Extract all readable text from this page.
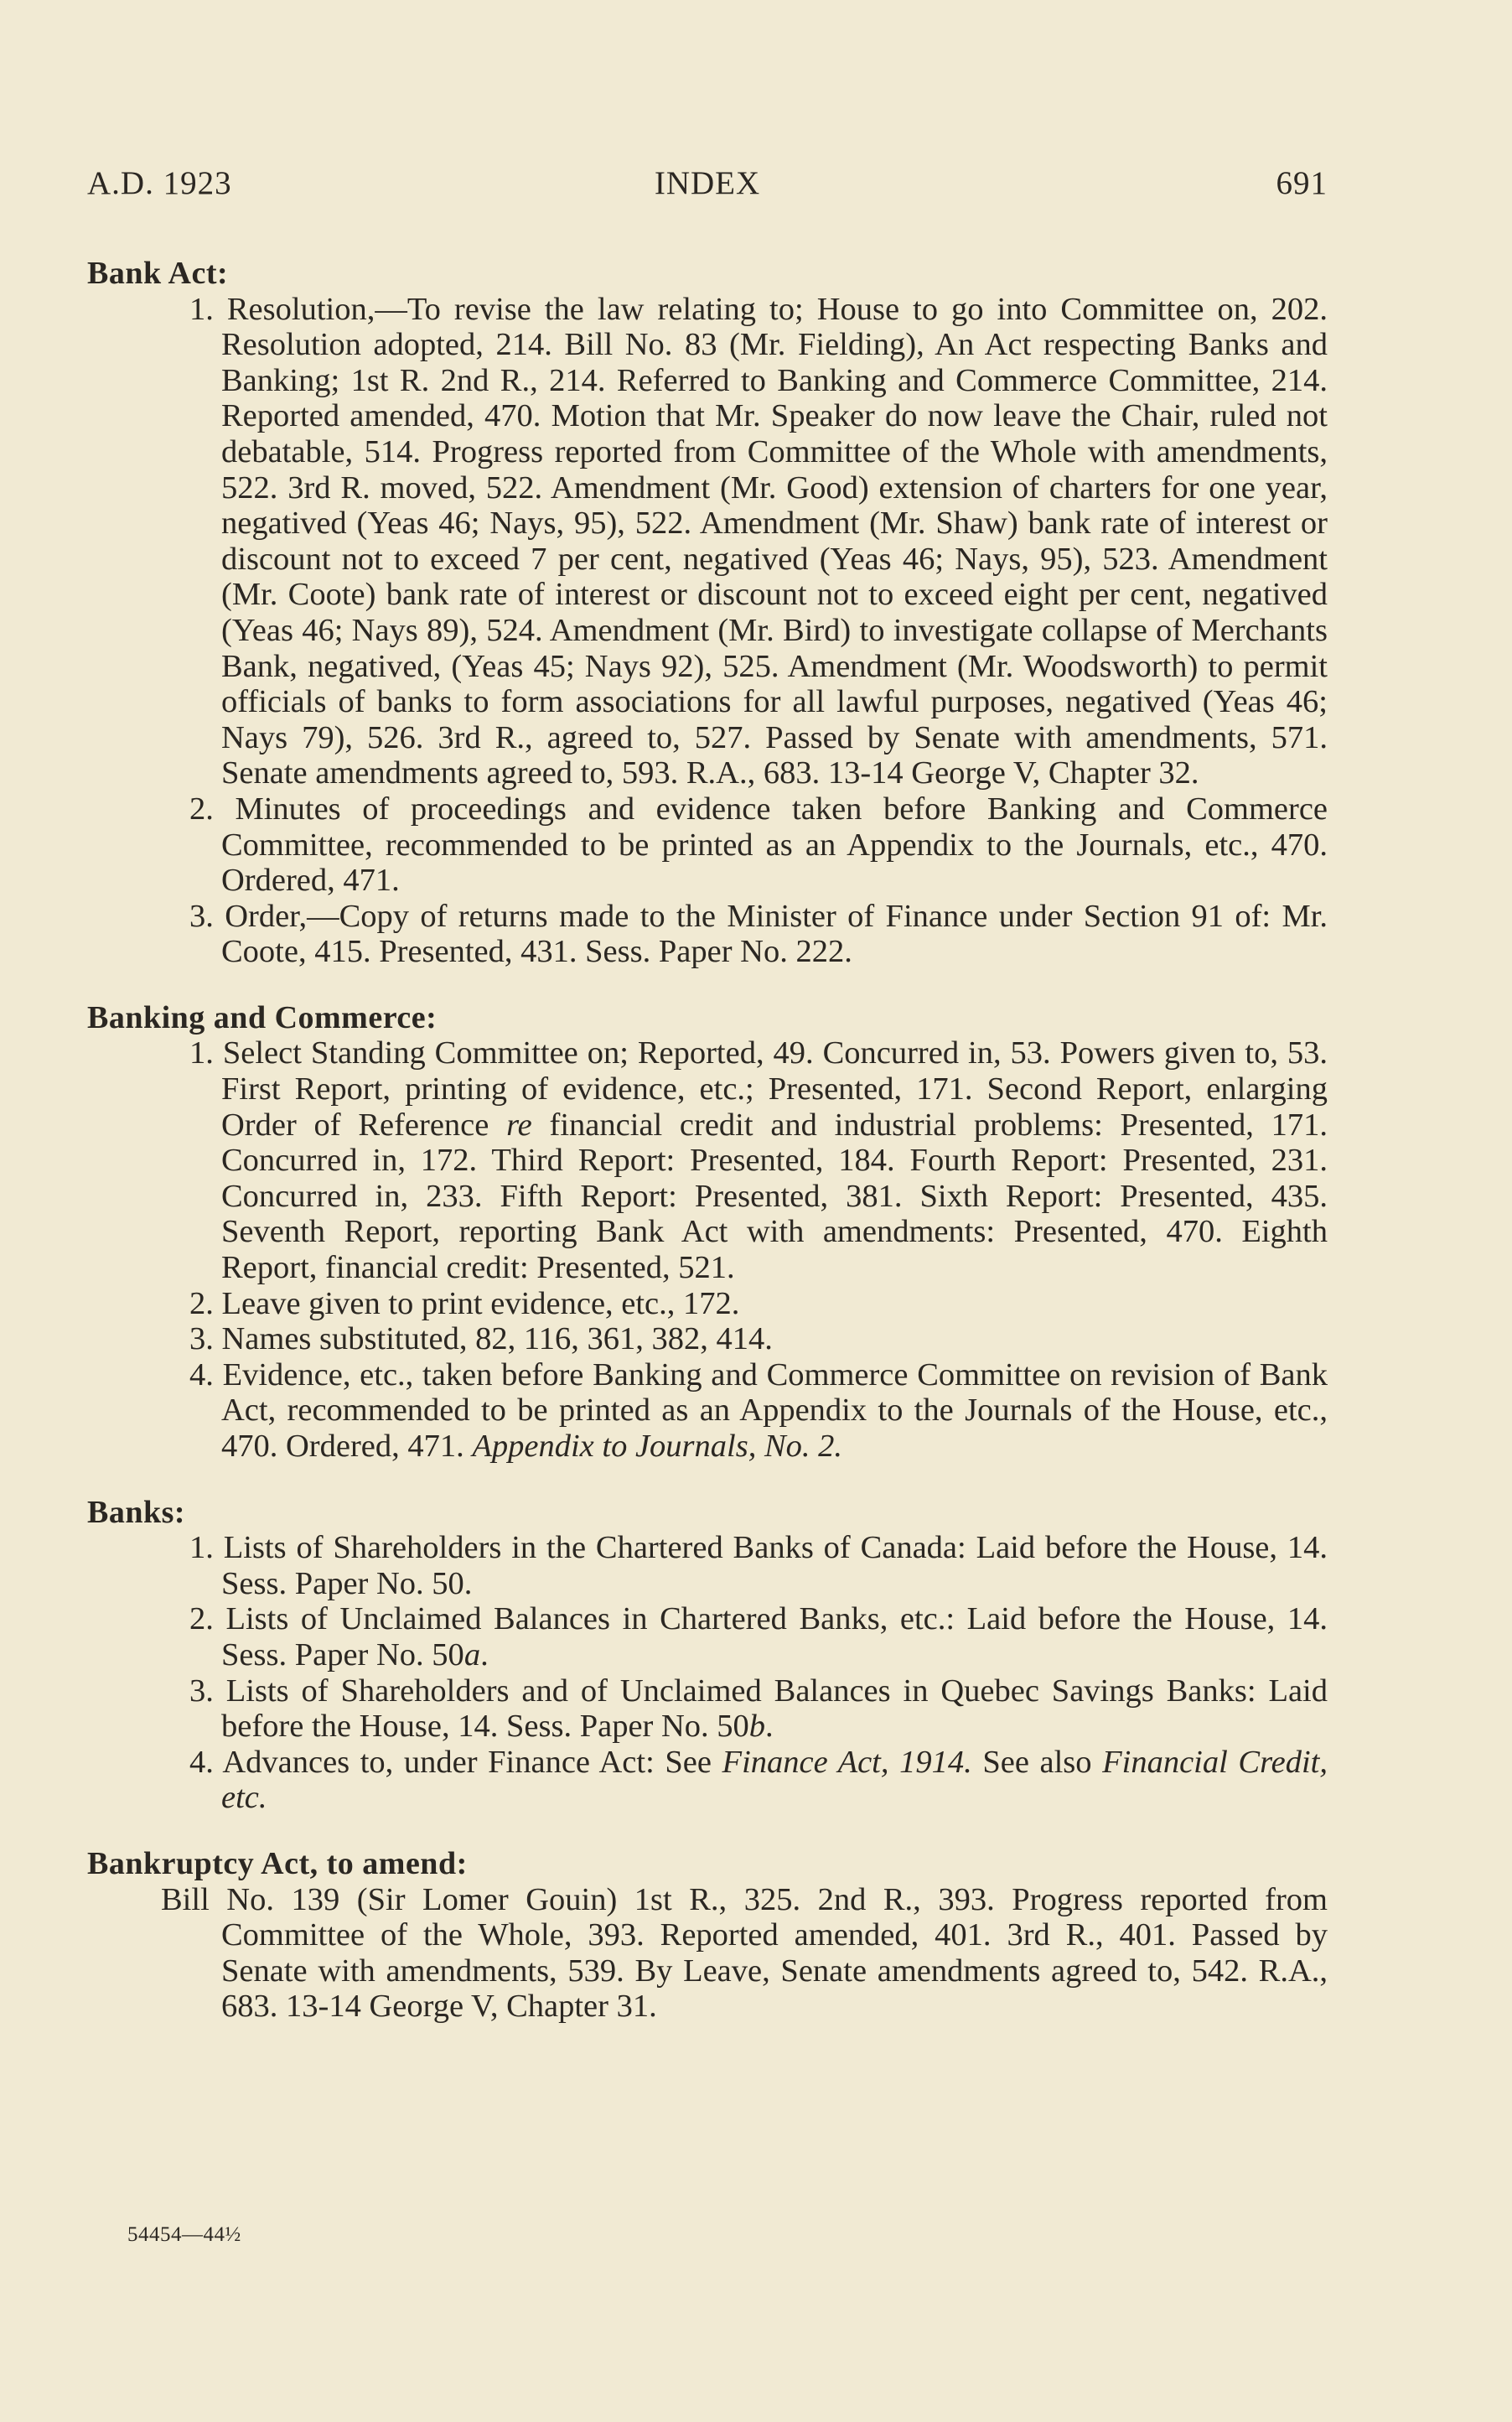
A.D. 1923	INDEX	691
Bank Act:
1. Resolution,—To revise the law relating to; House to go into Committee on, 202. Resolution adopted, 214. Bill No. 83 (Mr. Fielding), An Act respecting Banks and Banking; 1st R. 2nd R., 214. Referred to Banking and Commerce Committee, 214. Reported amended, 470. Motion that Mr. Speaker do now leave the Chair, ruled not debatable, 514. Progress reported from Committee of the Whole with amendments, 522. 3rd R. moved, 522. Amendment (Mr. Good) extension of charters for one year, negatived (Yeas 46; Nays, 95), 522. Amendment (Mr. Shaw) bank rate of interest or discount not to exceed 7 per cent, negatived (Yeas 46; Nays, 95), 523. Amendment (Mr. Coote) bank rate of interest or discount not to exceed eight per cent, negatived (Yeas 46; Nays 89), 524. Amendment (Mr. Bird) to investigate collapse of Merchants Bank, negatived, (Yeas 45; Nays 92), 525. Amendment (Mr. Woodsworth) to permit officials of banks to form associations for all lawful purposes, negatived (Yeas 46; Nays 79), 526. 3rd R., agreed to, 527. Passed by Senate with amendments, 571. Senate amendments agreed to, 593. R.A., 683. 13-14 George V, Chapter 32.
2. Minutes of proceedings and evidence taken before Banking and Commerce Committee, recommended to be printed as an Appendix to the Journals, etc., 470. Ordered, 471.
3. Order,—Copy of returns made to the Minister of Finance under Section 91 of: Mr. Coote, 415. Presented, 431. Sess. Paper No. 222.
Banking and Commerce:
1. Select Standing Committee on; Reported, 49. Concurred in, 53. Powers given to, 53. First Report, printing of evidence, etc.; Presented, 171. Second Report, enlarging Order of Reference re financial credit and industrial problems: Presented, 171. Concurred in, 172. Third Report: Presented, 184. Fourth Report: Presented, 231. Concurred in, 233. Fifth Report: Presented, 381. Sixth Report: Presented, 435. Seventh Report, reporting Bank Act with amendments: Presented, 470. Eighth Report, financial credit: Presented, 521.
2. Leave given to print evidence, etc., 172.
3. Names substituted, 82, 116, 361, 382, 414.
4. Evidence, etc., taken before Banking and Commerce Committee on revision of Bank Act, recommended to be printed as an Appendix to the Journals of the House, etc., 470. Ordered, 471. Appendix to Journals, No. 2.
Banks:
1. Lists of Shareholders in the Chartered Banks of Canada: Laid before the House, 14. Sess. Paper No. 50.
2. Lists of Unclaimed Balances in Chartered Banks, etc.: Laid before the House, 14. Sess. Paper No. 50a.
3. Lists of Shareholders and of Unclaimed Balances in Quebec Savings Banks: Laid before the House, 14. Sess. Paper No. 50b.
4. Advances to, under Finance Act: See Finance Act, 1914. See also Financial Credit, etc.
Bankruptcy Act, to amend:
Bill No. 139 (Sir Lomer Gouin) 1st R., 325. 2nd R., 393. Progress reported from Committee of the Whole, 393. Reported amended, 401. 3rd R., 401. Passed by Senate with amendments, 539. By Leave, Senate amendments agreed to, 542. R.A., 683. 13-14 George V, Chapter 31.
54454—44½
